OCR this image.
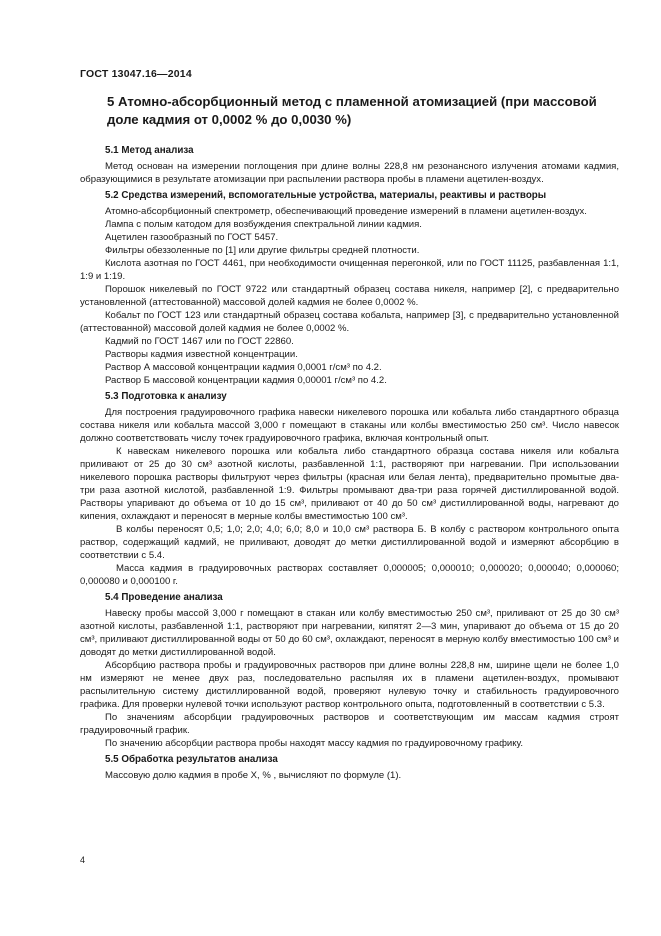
ГОСТ 13047.16—2014
5 Атомно-абсорбционный метод с пламенной атомизацией (при массовой доле кадмия от 0,0002 % до 0,0030 %)
5.1 Метод анализа

Метод основан на измерении поглощения при длине волны 228,8 нм резонансного излучения атомами кадмия, образующимися в результате атомизации при распылении раствора пробы в пламени ацетилен-воздух.

5.2 Средства измерений, вспомогательные устройства, материалы, реактивы и растворы

Атомно-абсорбционный спектрометр, обеспечивающий проведение измерений в пламени ацетилен-воздух.

Лампа с полым катодом для возбуждения спектральной линии кадмия.

Ацетилен газообразный по ГОСТ 5457.

Фильтры обеззоленные по [1] или другие фильтры средней плотности.

Кислота азотная по ГОСТ 4461, при необходимости очищенная перегонкой, или по ГОСТ 11125, разбавленная 1:1, 1:9 и 1:19.

Порошок никелевый по ГОСТ 9722 или стандартный образец состава никеля, например [2], с предварительно установленной (аттестованной) массовой долей кадмия не более 0,0002 %.

Кобальт по ГОСТ 123 или стандартный образец состава кобальта, например [3], с предварительно установленной (аттестованной) массовой долей кадмия не более 0,0002 %.

Кадмий по ГОСТ 1467 или по ГОСТ 22860.

Растворы кадмия известной концентрации.

Раствор А массовой концентрации кадмия 0,0001 г/см³ по 4.2.

Раствор Б массовой концентрации кадмия 0,00001 г/см³ по 4.2.

5.3 Подготовка к анализу

Для построения градуировочного графика навески никелевого порошка или кобальта либо стандартного образца состава никеля или кобальта массой 3,000 г помещают в стаканы или колбы вместимостью 250 см³. Число навесок должно соответствовать числу точек градуировочного графика, включая контрольный опыт.

К навескам никелевого порошка или кобальта либо стандартного образца состава никеля или кобальта приливают от 25 до 30 см³ азотной кислоты, разбавленной 1:1, растворяют при нагревании. При использовании никелевого порошка растворы фильтруют через фильтры (красная или белая лента), предварительно промытые два-три раза азотной кислотой, разбавленной 1:9. Фильтры промывают два-три раза горячей дистиллированной водой. Растворы упаривают до объема от 10 до 15 см³, приливают от 40 до 50 см³ дистиллированной воды, нагревают до кипения, охлаждают и переносят в мерные колбы вместимостью 100 см³.

В колбы переносят 0,5; 1,0; 2,0; 4,0; 6,0; 8,0 и 10,0 см³ раствора Б. В колбу с раствором контрольного опыта раствор, содержащий кадмий, не приливают, доводят до метки дистиллированной водой и измеряют абсорбцию в соответствии с 5.4.

Масса кадмия в градуировочных растворах составляет 0,000005; 0,000010; 0,000020; 0,000040; 0,000060; 0,000080 и 0,000100 г.

5.4 Проведение анализа

Навеску пробы массой 3,000 г помещают в стакан или колбу вместимостью 250 см³, приливают от 25 до 30 см³ азотной кислоты, разбавленной 1:1, растворяют при нагревании, кипятят 2—3 мин, упаривают до объема от 15 до 20 см³, приливают дистиллированной воды от 50 до 60 см³, охлаждают, переносят в мерную колбу вместимостью 100 см³ и доводят до метки дистиллированной водой.

Абсорбцию раствора пробы и градуировочных растворов при длине волны 228,8 нм, ширине щели не более 1,0 нм измеряют не менее двух раз, последовательно распыляя их в пламени ацетилен-воздух, промывают распылительную систему дистиллированной водой, проверяют нулевую точку и стабильность градуировочного графика. Для проверки нулевой точки используют раствор контрольного опыта, подготовленный в соответствии с 5.3.

По значениям абсорбции градуировочных растворов и соответствующим им массам кадмия строят градуировочный график.

По значению абсорбции раствора пробы находят массу кадмия по градуировочному графику.

5.5 Обработка результатов анализа

Массовую долю кадмия в пробе X, % , вычисляют по формуле (1).

4
